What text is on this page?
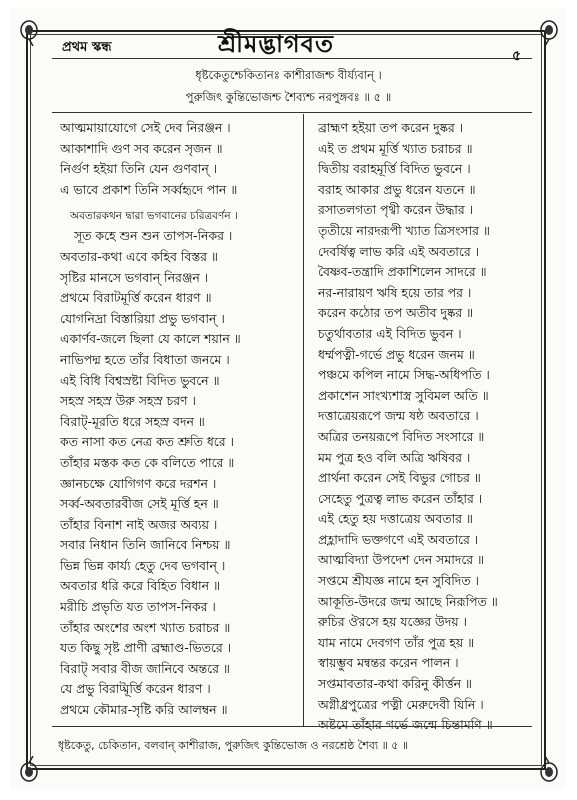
প্রথম স্কন্ধ	শ্রীমদ্ভাগবত	৫
ধৃষ্টকেতুশ্চেকিতানঃ কাশীরাজশ্চ বীর্য্যবান্ ।
পুরুজিৎ কুন্তিভোজশ্চ শৈব্যশ্চ নরপুঙ্গবঃ ॥ ৫ ॥
আত্মমায়াযোগে সেই দেব নিরঞ্জন ।
আকাশাদি গুণ সব করেন সৃজন ॥
নির্গুণ হইয়া তিনি যেন গুণবান্ ।
এ ভাবে প্রকাশ তিনি সর্ব্বহৃদে পান ॥
অবতারকথন দ্বারা ভগবানের চরিত্রবর্ণন ।
সূত কহে শুন শুন তাপস-নিকর ।
অবতার-কথা এবে কহিব বিস্তর ॥
সৃষ্টির মানসে ভগবান্ নিরঞ্জন ।
প্রথমে বিরাটমূর্ত্তি করেন ধারণ ॥
যোগনিদ্রা বিস্তারিয়া প্রভু ভগবান্ ।
একার্ণব-জলে ছিলা যে কালে শয়ান ॥
নাভিপদ্ম হতে তাঁর বিধাতা জনমে ।
এই বিধি বিশ্বস্রষ্টা বিদিত ভুবনে ॥
সহস্র সহস্র উরু সহস্র চরণ ।
বিরাট্-মূরতি ধরে সহস্র বদন ॥
কত নাসা কত নেত্র কত শ্রুতি ধরে ।
তাঁহার মস্তক কত কে বলিতে পারে ॥
জ্ঞানচক্ষে যোগিগণ করে দরশন ।
সর্ব্ব-অবতারবীজ সেই মূর্ত্তি হন ॥
তাঁহার বিনাশ নাই অজর অব্যয় ।
সবার নিধান তিনি জানিবে নিশ্চয় ॥
ভিন্ন ভিন্ন কার্য্য হেতু দেব ভগবান্ ।
অবতার ধরি করে বিহিত বিধান ॥
মরীচি প্রভৃতি যত তাপস-নিকর ।
তাঁহার অংশের অংশ খ্যাত চরাচর ॥
যত কিছু সৃষ্ট প্রাণী ব্রহ্মাণ্ড-ভিতরে ।
বিরাট্ সবার বীজ জানিবে অন্তরে ॥
যে প্রভু বিরাট্মূর্ত্তি করেন ধারণ ।
প্রথমে কৌমার-সৃষ্টি করি আলম্বন ॥
ব্রাহ্মণ হইয়া তপ করেন দুষ্কর ।
এই ত প্রথম মূর্ত্তি খ্যাত চরাচর ॥
দ্বিতীয় বরাহমূর্ত্তি বিদিত ভুবনে ।
বরাহ আকার প্রভু ধরেন যতনে ॥
রসাতলগতা পৃথ্বী করেন উদ্ধার ।
তৃতীয়ে নারদরূপী খ্যাত ত্রিসংসার ॥
দেবর্ষিত্ব লাভ করি এই অবতারে ।
বৈষ্ণব-তন্ত্রাদি প্রকাশিলেন সাদরে ॥
নর-নারায়ণ ঋষি হয়ে তার পর ।
করেন কঠোর তপ অতীব দুষ্কর ॥
চতুর্থাবতার এই বিদিত ভুবন ।
ধর্ম্মপত্নী-গর্ভে প্রভু ধরেন জনম ॥
পঞ্চমে কপিল নামে সিদ্ধ-অধিপতি ।
প্রকাশেন সাংখ্যশাস্ত্র সুবিমল অতি ॥
দত্তাত্রেয়রূপে জন্ম ষষ্ঠ অবতারে ।
অত্রির তনয়রূপে বিদিত সংসারে ॥
মম পুত্র হও বলি অত্রি ঋষিবর ।
প্রার্থনা করেন সেই বিভুর গোচর ॥
সেহেতু পুত্রত্ব লাভ করেন তাঁহার ।
এই হেতু হয় দত্তাত্রেয় অবতার ॥
প্রহ্লাদাদি ভক্তগণে এই অবতারে ।
আত্মবিদ্যা উপদেশ দেন সমাদরে ॥
সপ্তমে শ্রীযজ্ঞ নামে হন সুবিদিত ।
আকূতি-উদরে জন্ম আছে নিরূপিত ॥
রুচির ঔরসে হয় যজ্ঞের উদয় ।
যাম নামে দেবগণ তাঁর পুত্র হয় ॥
স্বায়ম্ভুব মন্বন্তর করেন পালন ।
সপ্তমাবতার-কথা করিনু কীর্ত্তন ॥
অগ্নীধ্রপুত্রের পত্নী মেরুদেবী যিনি ।
অষ্টমে তাঁহার গর্ভে জন্মে চিন্তামণি ॥
ধৃষ্টকেতু, চেকিতান, বলবান্ কাশীরাজ, পুরুজিৎ কুন্তিভোজ ও নরশ্রেষ্ঠ শৈব্য ॥ ৫ ॥
